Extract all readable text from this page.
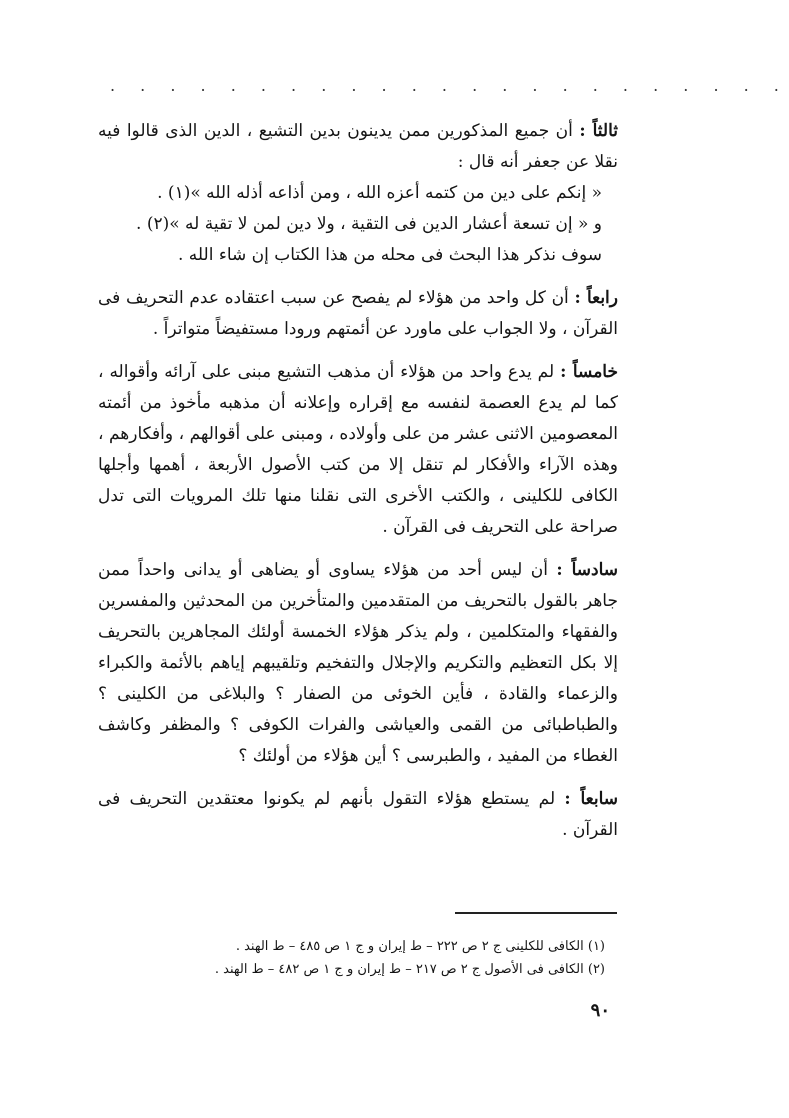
. . . . . . . . . . . . . . . . . . . . . . .

ثالثاً : أن جميع المذكورين ممن يدينون بدين التشيع ، الدين الذى قالوا فيه نقلا عن جعفر أنه قال :
« إنكم على دين من كتمه أعزه الله ، ومن أذاعه أذله الله »(١) .
و « إن تسعة أعشار الدين فى التقية ، ولا دين لمن لا تقية له »(٢) .
سوف نذكر هذا البحث فى محله من هذا الكتاب إن شاء الله .

رابعاً : أن كل واحد من هؤلاء لم يفصح عن سبب اعتقاده عدم التحريف فى القرآن ، ولا الجواب على ماورد عن أئمتهم ورودا مستفيضاً متواتراً .

خامساً : لم يدع واحد من هؤلاء أن مذهب التشيع مبنى على آرائه وأقواله ، كما لم يدع العصمة لنفسه مع إقراره وإعلانه أن مذهبه مأخوذ من أئمته المعصومين الاثنى عشر من على وأولاده ، ومبنى على أقوالهم ، وأفكارهم ، وهذه الآراء والأفكار لم تنقل إلا من كتب الأصول الأربعة ، أهمها وأجلها الكافى للكلينى ، والكتب الأخرى التى نقلنا منها تلك المرويات التى تدل صراحة على التحريف فى القرآن .

سادساً : أن ليس أحد من هؤلاء يساوى أو يضاهى أو يدانى واحداً ممن جاهر بالقول بالتحريف من المتقدمين والمتأخرين من المحدثين والمفسرين والفقهاء والمتكلمين ، ولم يذكر هؤلاء الخمسة أولئك المجاهرين بالتحريف إلا بكل التعظيم والتكريم والإجلال والتفخيم وتلقيبهم إياهم بالأئمة والكبراء والزعماء والقادة ، فأين الخوئى من الصفار ؟ والبلاغى من الكلينى ؟ والطباطبائى من القمى والعياشى والفرات الكوفى ؟ والمظفر وكاشف الغطاء من المفيد ، والطبرسى ؟ أين هؤلاء من أولئك ؟

سابعاً : لم يستطع هؤلاء التقول بأنهم لم يكونوا معتقدين التحريف فى القرآن .

(١) الكافى للكلينى ج ٢ ص ٢٢٢ – ط إيران و ج ١ ص ٤٨٥ – ط الهند .
(٢) الكافى فى الأصول ج ٢ ص ٢١٧ – ط إيران و ج ١ ص ٤٨٢ – ط الهند .
٩٠
